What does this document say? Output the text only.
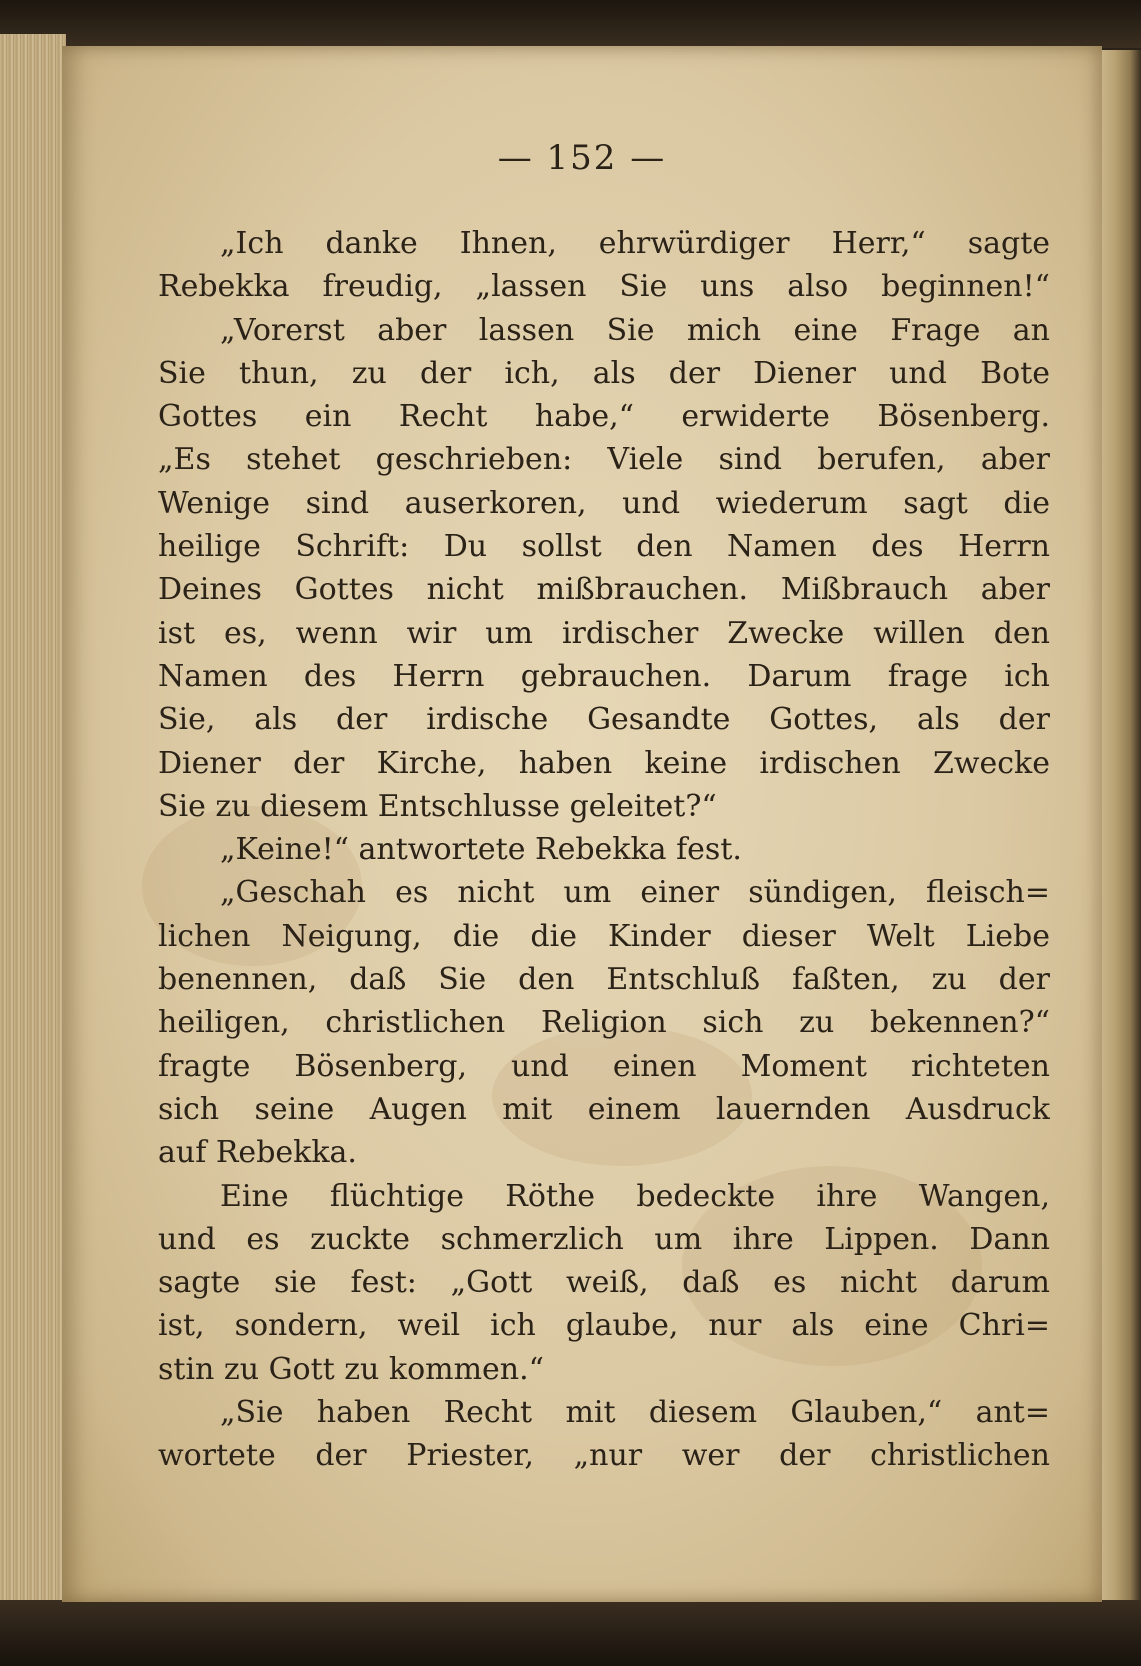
— 152 —
„Ich danke Ihnen, ehrwürdiger Herr,“ sagte
Rebekka freudig, „lassen Sie uns also beginnen!“
„Vorerst aber lassen Sie mich eine Frage an
Sie thun, zu der ich, als der Diener und Bote
Gottes ein Recht habe,“ erwiderte Bösenberg.
„Es stehet geschrieben: Viele sind berufen, aber
Wenige sind auserkoren, und wiederum sagt die
heilige Schrift: Du sollst den Namen des Herrn
Deines Gottes nicht mißbrauchen. Mißbrauch aber
ist es, wenn wir um irdischer Zwecke willen den
Namen des Herrn gebrauchen. Darum frage ich
Sie, als der irdische Gesandte Gottes, als der
Diener der Kirche, haben keine irdischen Zwecke
Sie zu diesem Entschlusse geleitet?“
„Keine!“ antwortete Rebekka fest.
„Geschah es nicht um einer sündigen, fleisch=
lichen Neigung, die die Kinder dieser Welt Liebe
benennen, daß Sie den Entschluß faßten, zu der
heiligen, christlichen Religion sich zu bekennen?“
fragte Bösenberg, und einen Moment richteten
sich seine Augen mit einem lauernden Ausdruck
auf Rebekka.
Eine flüchtige Röthe bedeckte ihre Wangen,
und es zuckte schmerzlich um ihre Lippen. Dann
sagte sie fest: „Gott weiß, daß es nicht darum
ist, sondern, weil ich glaube, nur als eine Chri=
stin zu Gott zu kommen.“
„Sie haben Recht mit diesem Glauben,“ ant=
wortete der Priester, „nur wer der christlichen
